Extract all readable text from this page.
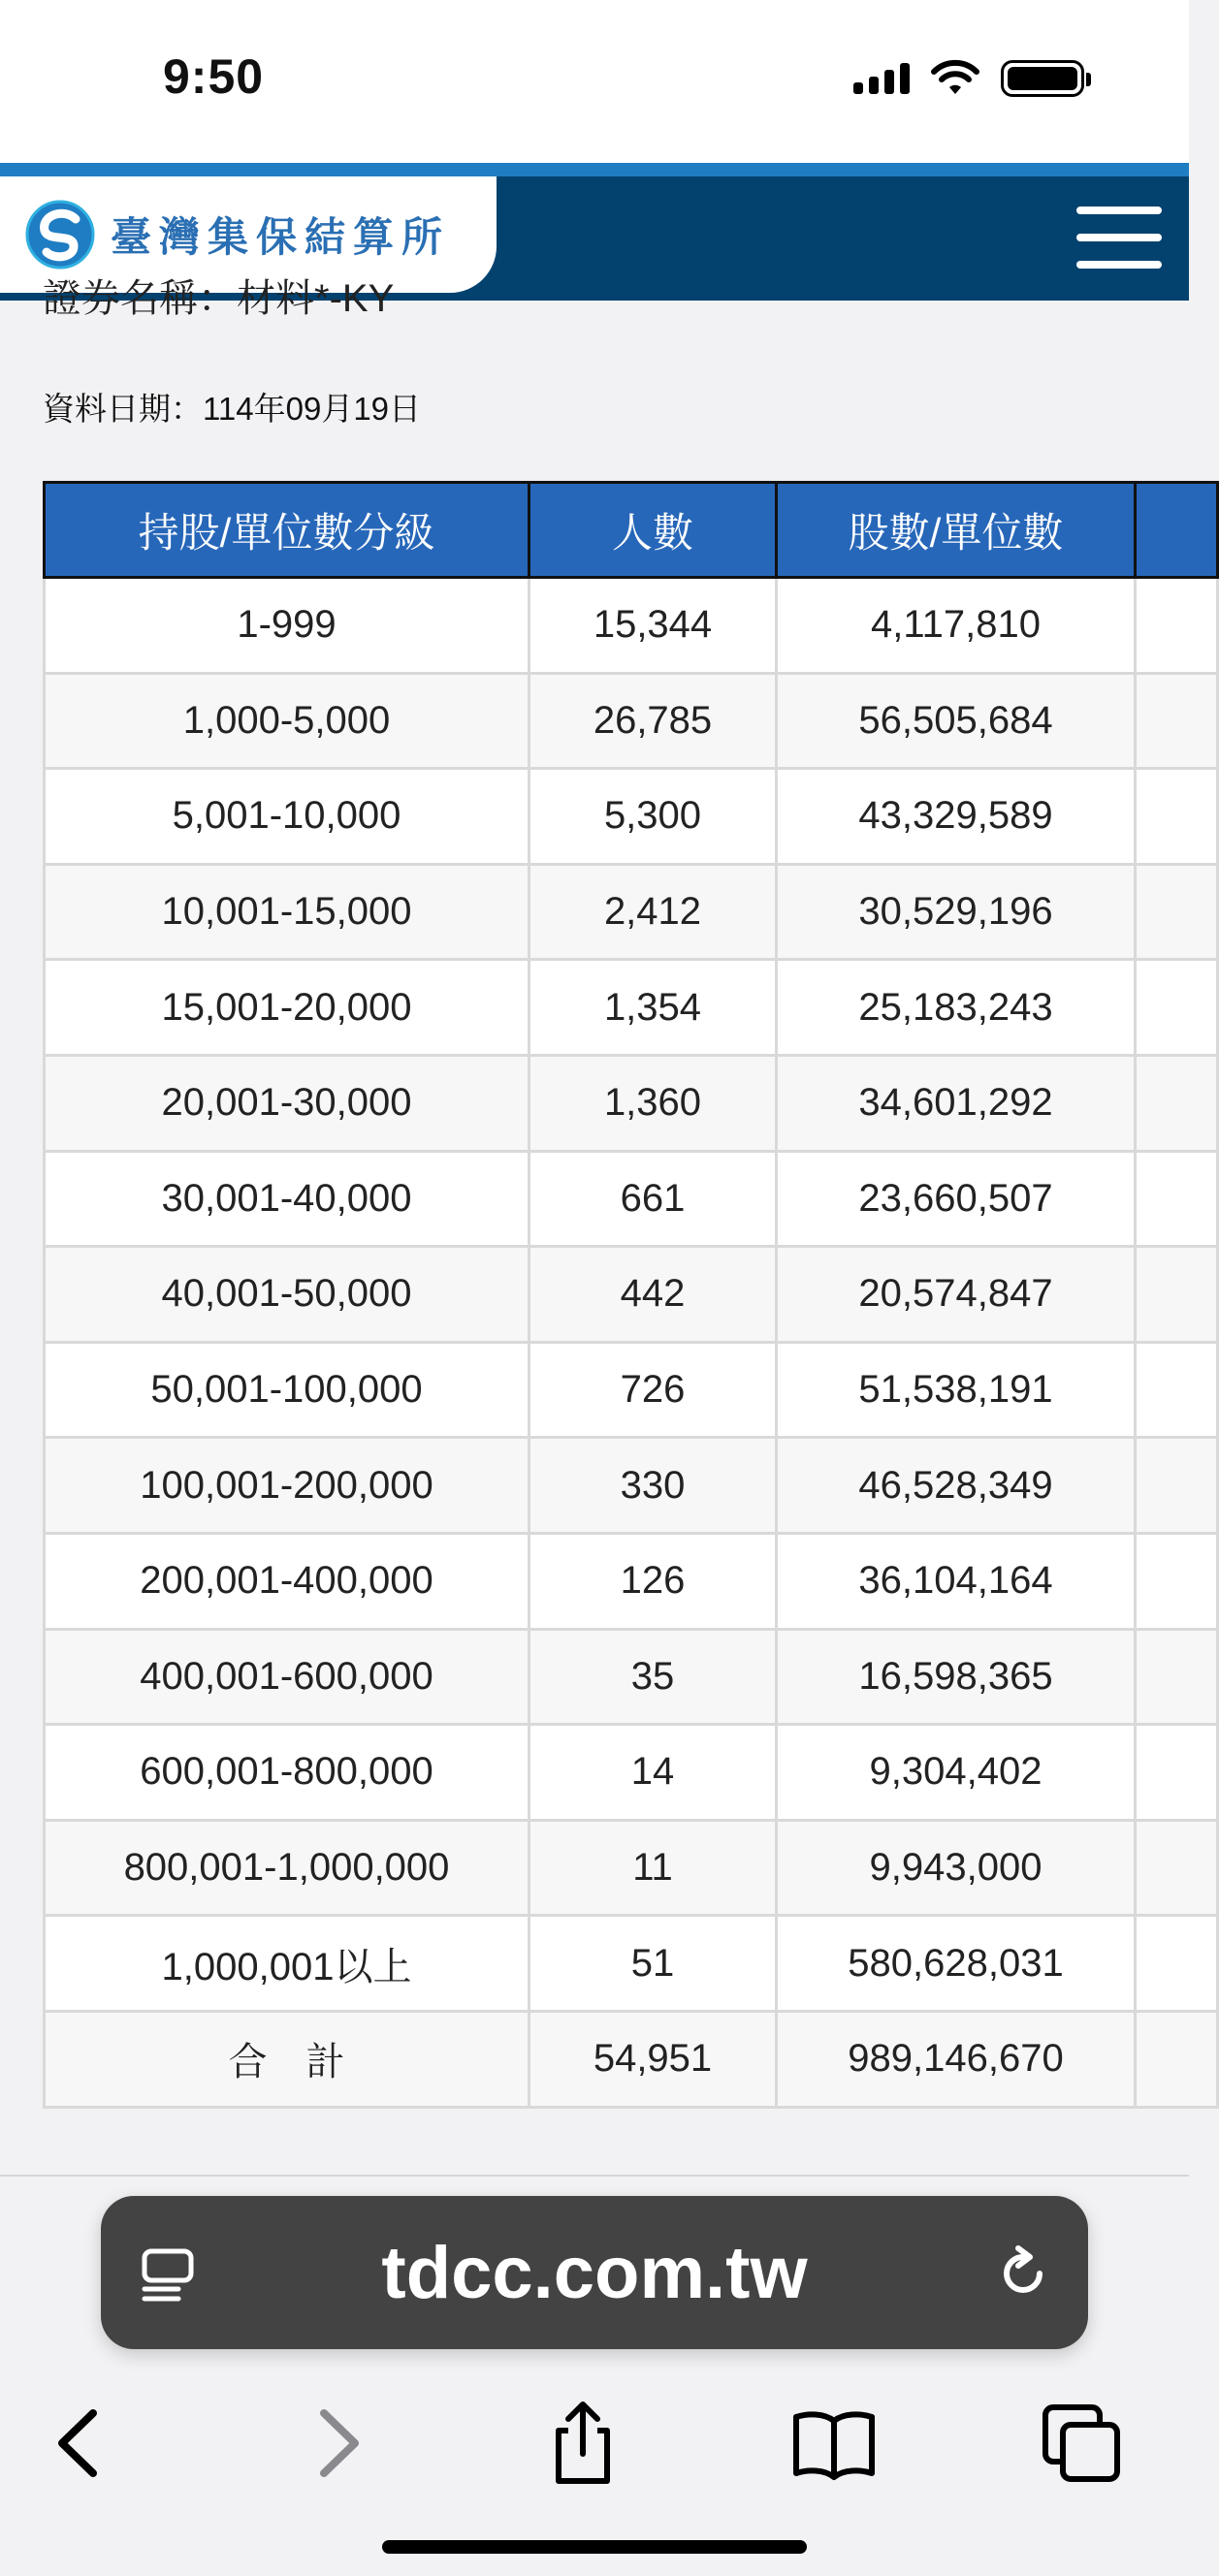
9:50
臺灣集保結算所
證券名稱：材料*-KY
資料日期：114年09月19日
持股/單位數分級	人數	股數/單位數	
1-999	15,344	4,117,810	
1,000-5,000	26,785	56,505,684	
5,001-10,000	5,300	43,329,589	
10,001-15,000	2,412	30,529,196	
15,001-20,000	1,354	25,183,243	
20,001-30,000	1,360	34,601,292	
30,001-40,000	661	23,660,507	
40,001-50,000	442	20,574,847	
50,001-100,000	726	51,538,191	
100,001-200,000	330	46,528,349	
200,001-400,000	126	36,104,164	
400,001-600,000	35	16,598,365	
600,001-800,000	14	9,304,402	
800,001-1,000,000	11	9,943,000	
1,000,001以上	51	580,628,031	
合　計	54,951	989,146,670	
tdcc.com.tw
